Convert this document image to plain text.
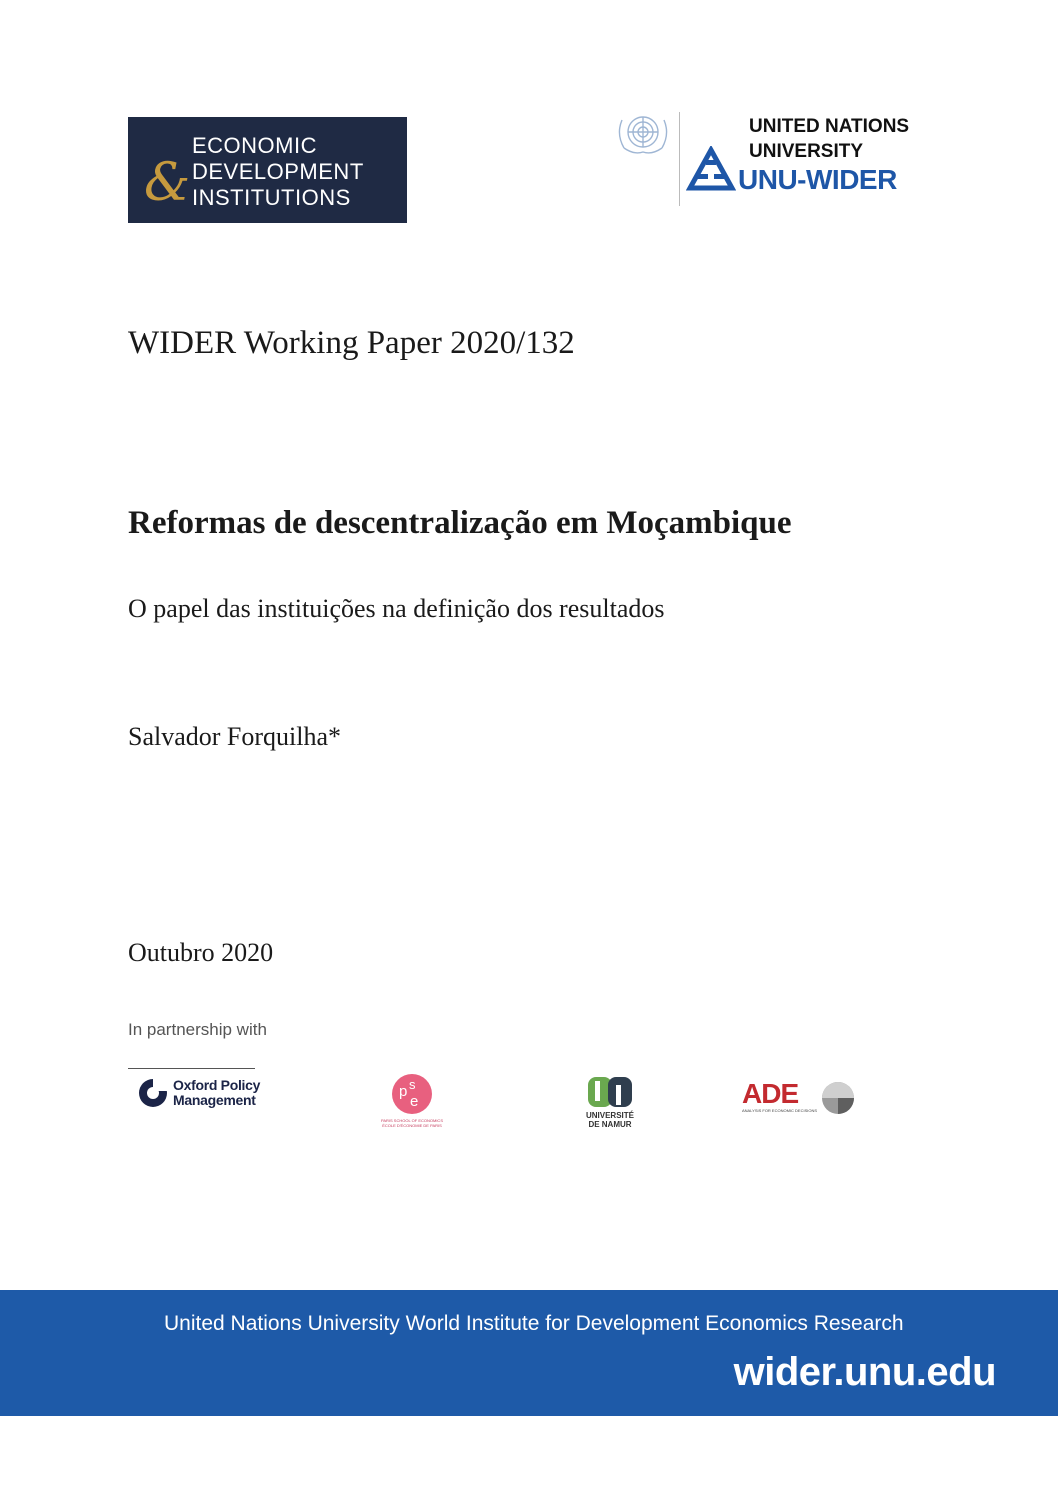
&
ECONOMIC
DEVELOPMENT
INSTITUTIONS
UNITED NATIONS
UNIVERSITY
UNU-WIDER
WIDER Working Paper 2020/132
Reformas de descentralização em Moçambique
O papel das instituições na definição dos resultados
Salvador Forquilha*
Outubro 2020
In partnership with
Oxford Policy
Management	p s
e
PARIS SCHOOL OF ECONOMICS
ÉCOLE D'ÉCONOMIE DE PARIS
UNIVERSITÉ
DE NAMUR
ADE
ANALYSIS FOR ECONOMIC DECISIONS
United Nations University World Institute for Development Economics Research
wider.unu.edu
